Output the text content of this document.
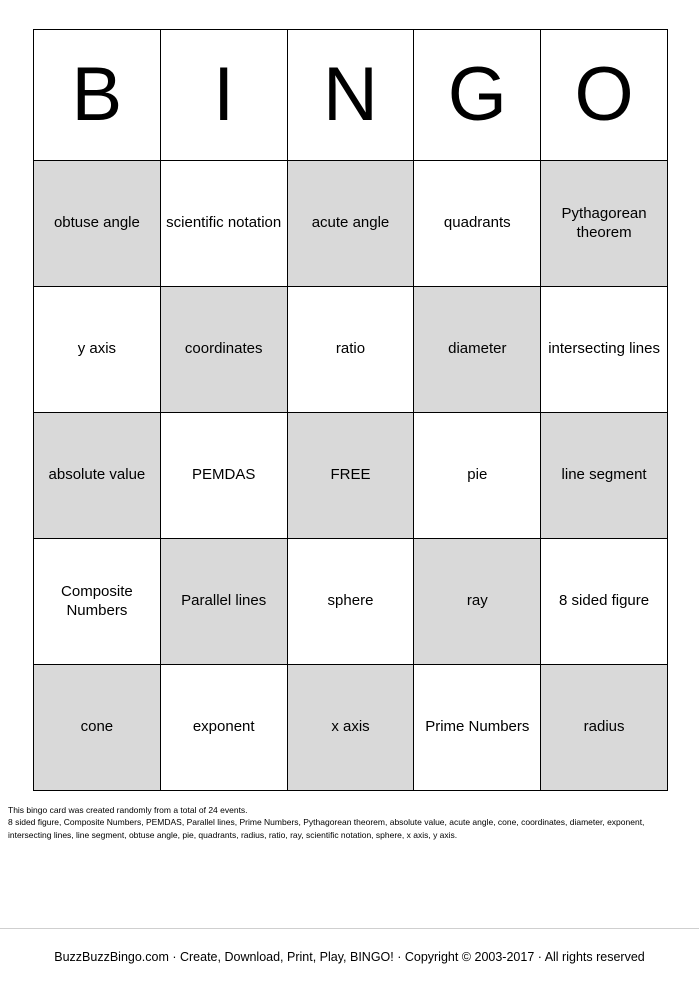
B	I	N	G	O
obtuse angle	scientific notation	acute angle	quadrants	Pythagorean theorem
y axis	coordinates	ratio	diameter	intersecting lines
absolute value	PEMDAS	FREE	pie	line segment
Composite Numbers	Parallel lines	sphere	ray	8 sided figure
cone	exponent	x axis	Prime Numbers	radius
This bingo card was created randomly from a total of 24 events.
8 sided figure, Composite Numbers, PEMDAS, Parallel lines, Prime Numbers, Pythagorean theorem, absolute value, acute angle, cone, coordinates, diameter, exponent, intersecting lines, line segment, obtuse angle, pie, quadrants, radius, ratio, ray, scientific notation, sphere, x axis, y axis.
BuzzBuzzBingo.com · Create, Download, Print, Play, BINGO! · Copyright © 2003-2017 · All rights reserved
